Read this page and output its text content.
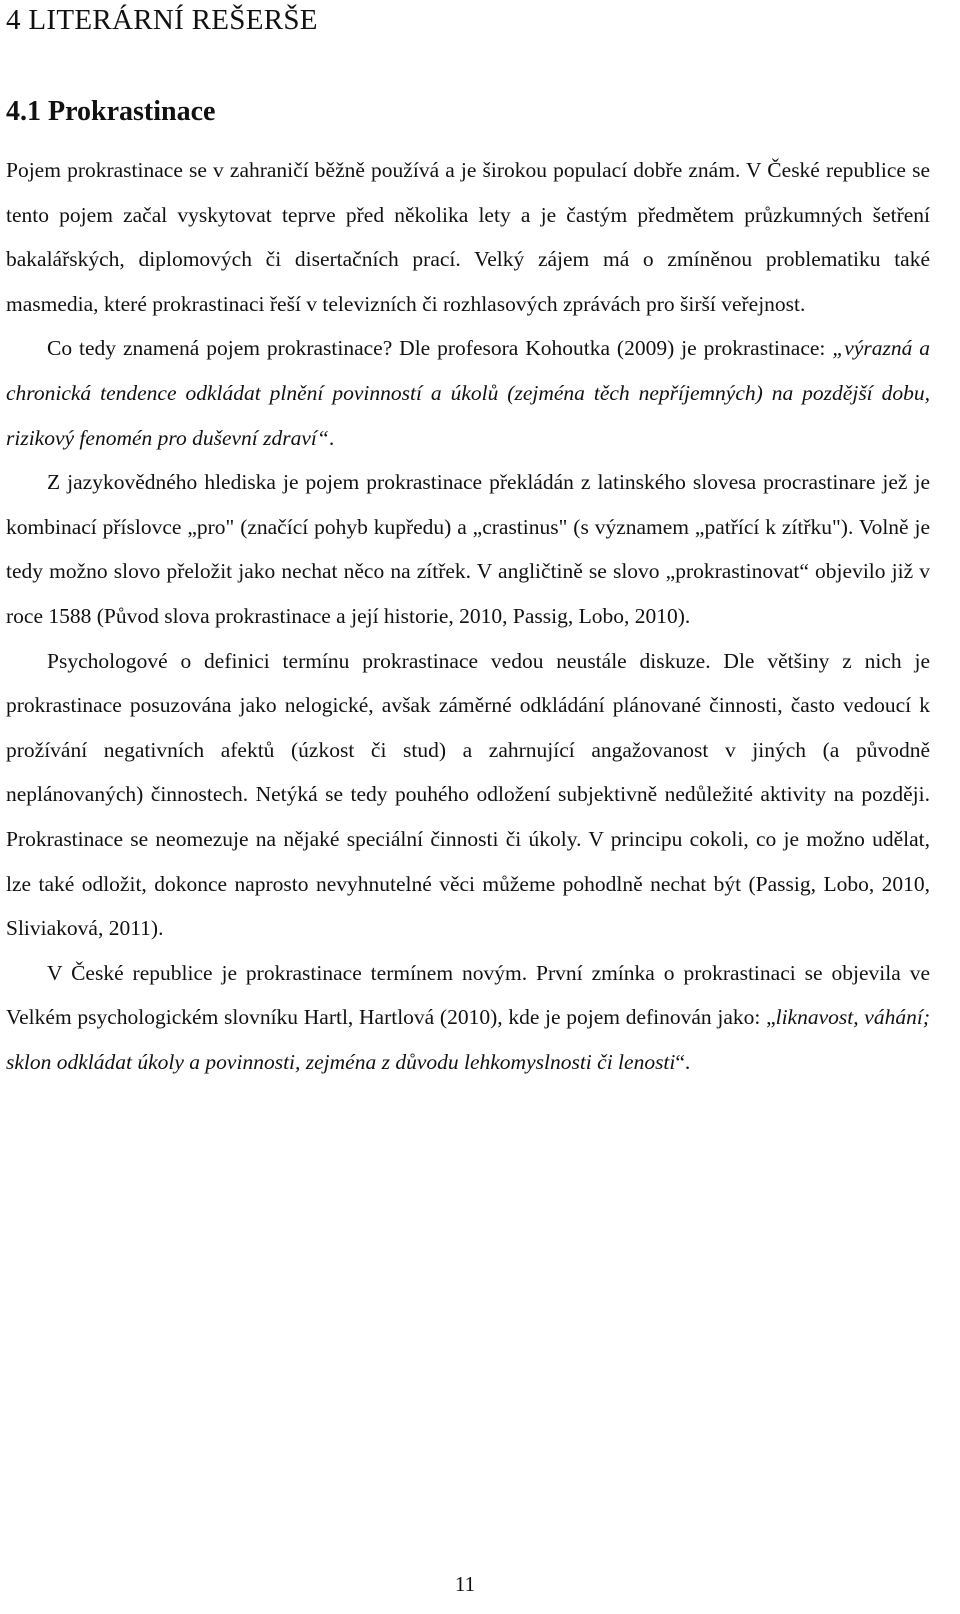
4 LITERÁRNÍ REŠERŠE
4.1 Prokrastinace

Pojem prokrastinace se v zahraničí běžně používá a je širokou populací dobře znám. V České republice se tento pojem začal vyskytovat teprve před několika lety a je častým předmětem průzkumných šetření bakalářských, diplomových či disertačních prací. Velký zájem má o zmíněnou problematiku také masmedia, které prokrastinaci řeší v televizních či rozhlasových zprávách pro širší veřejnost.

Co tedy znamená pojem prokrastinace? Dle profesora Kohoutka (2009) je prokrastinace: „výrazná a chronická tendence odkládat plnění povinností a úkolů (zejména těch nepříjemných) na pozdější dobu, rizikový fenomén pro duševní zdraví“.

Z jazykovědného hlediska je pojem prokrastinace překládán z latinského slovesa procrastinare jež je kombinací příslovce „pro" (značící pohyb kupředu) a „crastinus" (s významem „patřící k zítřku"). Volně je tedy možno slovo přeložit jako nechat něco na zítřek. V angličtině se slovo „prokrastinovat“ objevilo již v roce 1588 (Původ slova prokrastinace a její historie, 2010, Passig, Lobo, 2010).

Psychologové o definici termínu prokrastinace vedou neustále diskuze. Dle většiny z nich je prokrastinace posuzována jako nelogické, avšak záměrné odkládání plánované činnosti, často vedoucí k prožívání negativních afektů (úzkost či stud) a zahrnující angažovanost v jiných (a původně neplánovaných) činnostech. Netýká se tedy pouhého odložení subjektivně nedůležité aktivity na později. Prokrastinace se neomezuje na nějaké speciální činnosti či úkoly. V principu cokoli, co je možno udělat, lze také odložit, dokonce naprosto nevyhnutelné věci můžeme pohodlně nechat být (Passig, Lobo, 2010, Sliviaková, 2011).

V České republice je prokrastinace termínem novým. První zmínka o prokrastinaci se objevila ve Velkém psychologickém slovníku Hartl, Hartlová (2010), kde je pojem definován jako: „liknavost, váhání; sklon odkládat úkoly a povinnosti, zejména z důvodu lehkomyslnosti či lenosti“.

11
